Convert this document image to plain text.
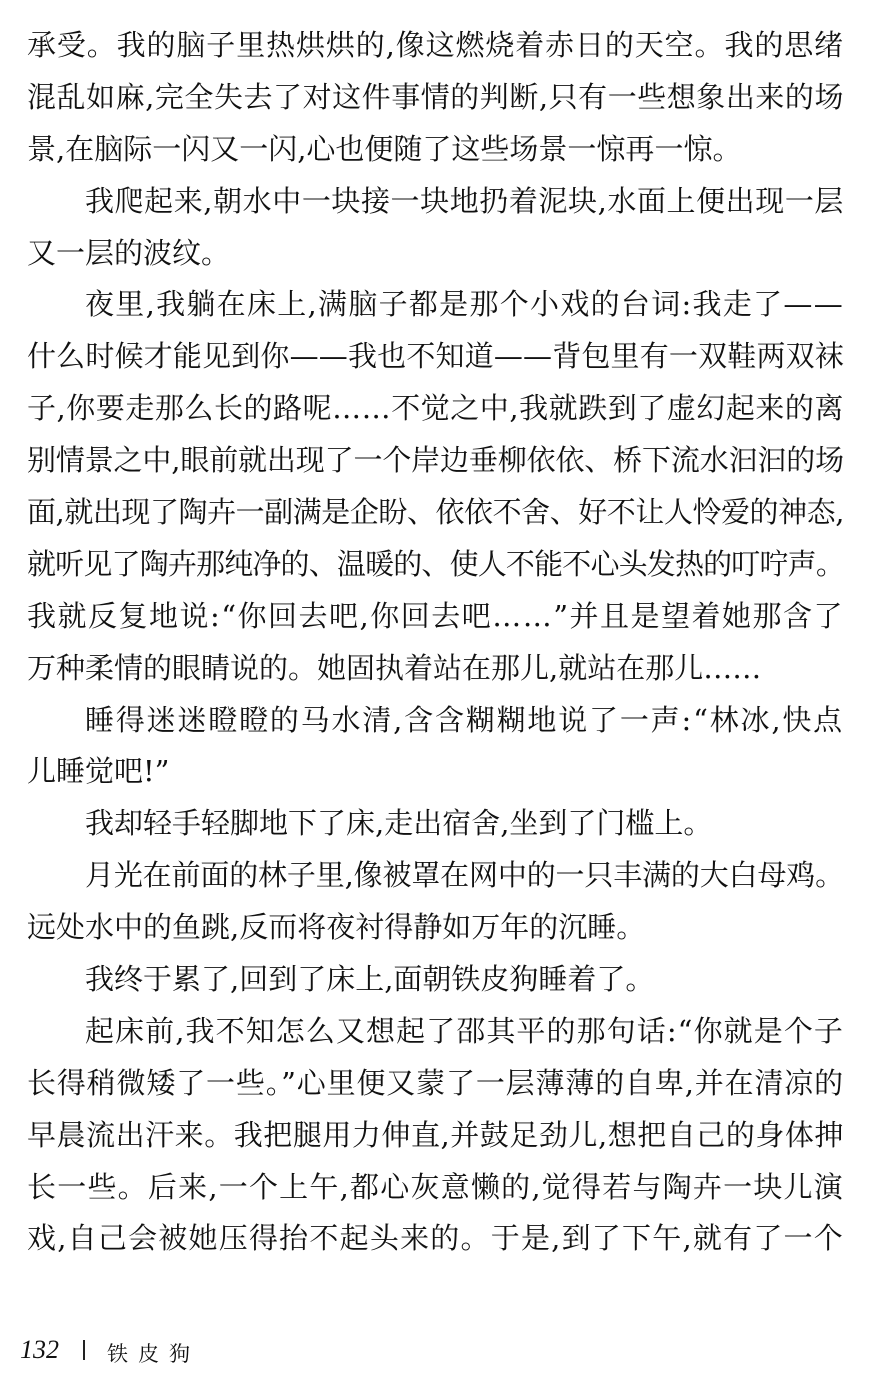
承受。我的脑子里热烘烘的,像这燃烧着赤日的天空。我的思绪
混乱如麻,完全失去了对这件事情的判断,只有一些想象出来的场
景,在脑际一闪又一闪,心也便随了这些场景一惊再一惊。
我爬起来,朝水中一块接一块地扔着泥块,水面上便出现一层
又一层的波纹。
夜里,我躺在床上,满脑子都是那个小戏的台词:我走了——
什么时候才能见到你——我也不知道——背包里有一双鞋两双袜
子,你要走那么长的路呢……不觉之中,我就跌到了虚幻起来的离
别情景之中,眼前就出现了一个岸边垂柳依依、桥下流水汩汩的场
面,就出现了陶卉一副满是企盼、依依不舍、好不让人怜爱的神态,
就听见了陶卉那纯净的、温暖的、使人不能不心头发热的叮咛声。
我就反复地说:“你回去吧,你回去吧……”并且是望着她那含了
万种柔情的眼睛说的。她固执着站在那儿,就站在那儿……
睡得迷迷瞪瞪的马水清,含含糊糊地说了一声:“林冰,快点
儿睡觉吧!”
我却轻手轻脚地下了床,走出宿舍,坐到了门槛上。
月光在前面的林子里,像被罩在网中的一只丰满的大白母鸡。
远处水中的鱼跳,反而将夜衬得静如万年的沉睡。
我终于累了,回到了床上,面朝铁皮狗睡着了。
起床前,我不知怎么又想起了邵其平的那句话:“你就是个子
长得稍微矮了一些。”心里便又蒙了一层薄薄的自卑,并在清凉的
早晨流出汗来。我把腿用力伸直,并鼓足劲儿,想把自己的身体抻
长一些。后来,一个上午,都心灰意懒的,觉得若与陶卉一块儿演
戏,自己会被她压得抬不起头来的。于是,到了下午,就有了一个
132 铁皮狗
